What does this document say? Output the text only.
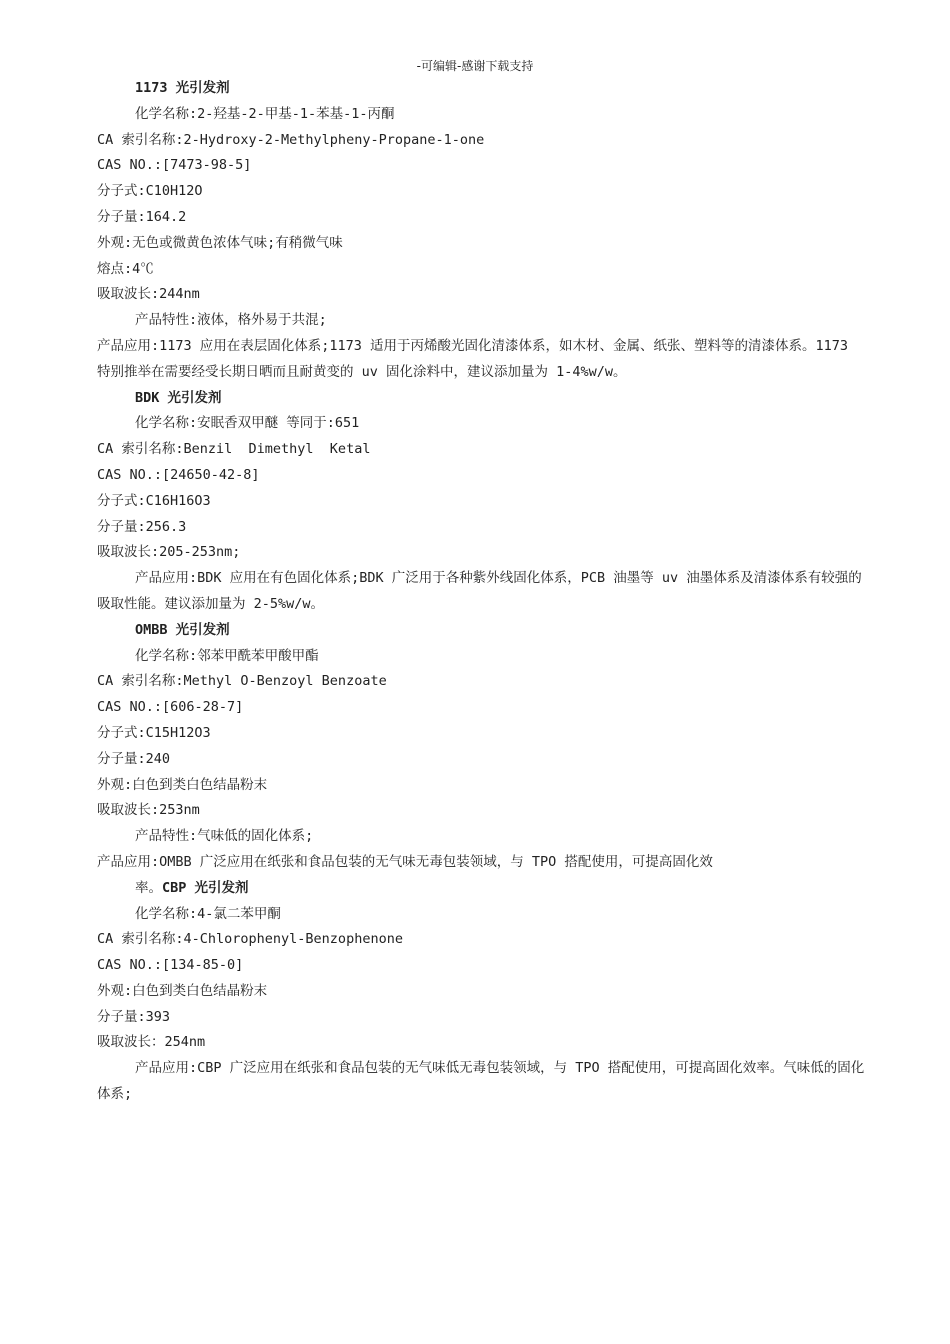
-可编辑-感谢下载支持
1173 光引发剂
化学名称:2-羟基-2-甲基-1-苯基-1-丙酮
CA 索引名称:2-Hydroxy-2-Methylpheny-Propane-1-one
CAS NO.:[7473-98-5]
分子式:C10H12O
分子量:164.2
外观:无色或微黄色浓体气味;有稍微气味
熔点:4℃
吸取波长:244nm
产品特性:液体，格外易于共混;
产品应用:1173 应用在表层固化体系;1173 适用于丙烯酸光固化清漆体系，如木材、金属、纸张、塑料等的清漆体系。1173 特别推举在需要经受长期日晒而且耐黄变的 uv 固化涂料中，建议添加量为 1-4%w/w。
BDK 光引发剂
化学名称:安眠香双甲醚 等同于:651
CA 索引名称:Benzil  Dimethyl  Ketal
CAS NO.:[24650-42-8]
分子式:C16H16O3
分子量:256.3
吸取波长:205-253nm;
产品应用:BDK 应用在有色固化体系;BDK 广泛用于各种紫外线固化体系，PCB 油墨等 uv 油墨体系及清漆体系有较强的吸取性能。建议添加量为 2-5%w/w。
OMBB 光引发剂
化学名称:邻苯甲酰苯甲酸甲酯
CA 索引名称:Methyl O-Benzoyl Benzoate
CAS NO.:[606-28-7]
分子式:C15H12O3
分子量:240
外观:白色到类白色结晶粉末
吸取波长:253nm
产品特性:气味低的固化体系;
产品应用:OMBB 广泛应用在纸张和食品包装的无气味无毒包装领域，与 TPO 搭配使用，可提高固化效
率。CBP 光引发剂
化学名称:4-氯二苯甲酮
CA 索引名称:4-Chlorophenyl-Benzophenone
CAS NO.:[134-85-0]
外观:白色到类白色结晶粉末
分子量:393
吸取波长：254nm
产品应用:CBP 广泛应用在纸张和食品包装的无气味低无毒包装领域，与 TPO 搭配使用，可提高固化效率。气味低的固化体系;
